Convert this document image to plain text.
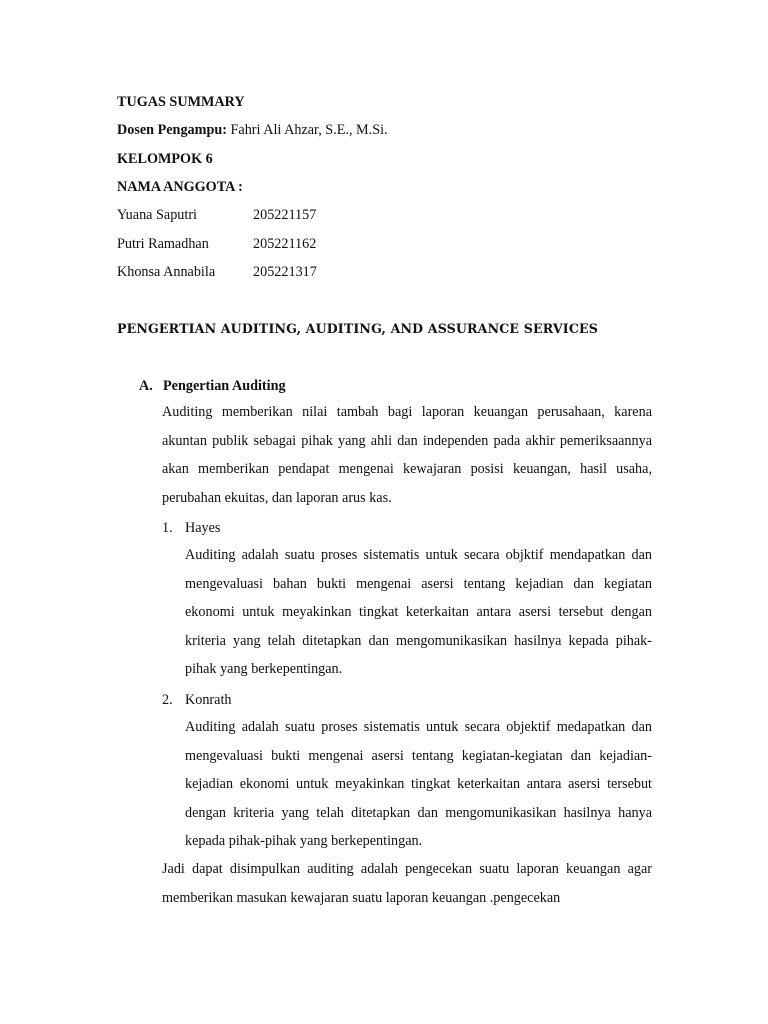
TUGAS SUMMARY
Dosen Pengampu: Fahri Ali Ahzar, S.E., M.Si.
KELOMPOK 6
NAMA ANGGOTA :
Yuana Saputri	205221157
Putri Ramadhan	205221162
Khonsa Annabila	205221317
PENGERTIAN AUDITING, AUDITING, AND ASSURANCE SERVICES
A. Pengertian Auditing

Auditing memberikan nilai tambah bagi laporan keuangan perusahaan, karena akuntan publik sebagai pihak yang ahli dan independen pada akhir pemeriksaannya akan memberikan pendapat mengenai kewajaran posisi keuangan, hasil usaha, perubahan ekuitas, dan laporan arus kas.

1. Hayes

Auditing adalah suatu proses sistematis untuk secara objktif mendapatkan dan mengevaluasi bahan bukti mengenai asersi tentang kejadian dan kegiatan ekonomi untuk meyakinkan tingkat keterkaitan antara asersi tersebut dengan kriteria yang telah ditetapkan dan mengomunikasikan hasilnya kepada pihak-pihak yang berkepentingan.

2. Konrath

Auditing adalah suatu proses sistematis untuk secara objektif medapatkan dan mengevaluasi bukti mengenai asersi tentang kegiatan-kegiatan dan kejadian-kejadian ekonomi untuk meyakinkan tingkat keterkaitan antara asersi tersebut dengan kriteria yang telah ditetapkan dan mengomunikasikan hasilnya hanya kepada pihak-pihak yang berkepentingan.

Jadi dapat disimpulkan auditing adalah pengecekan suatu laporan keuangan agar memberikan masukan kewajaran suatu laporan keuangan .pengecekan
